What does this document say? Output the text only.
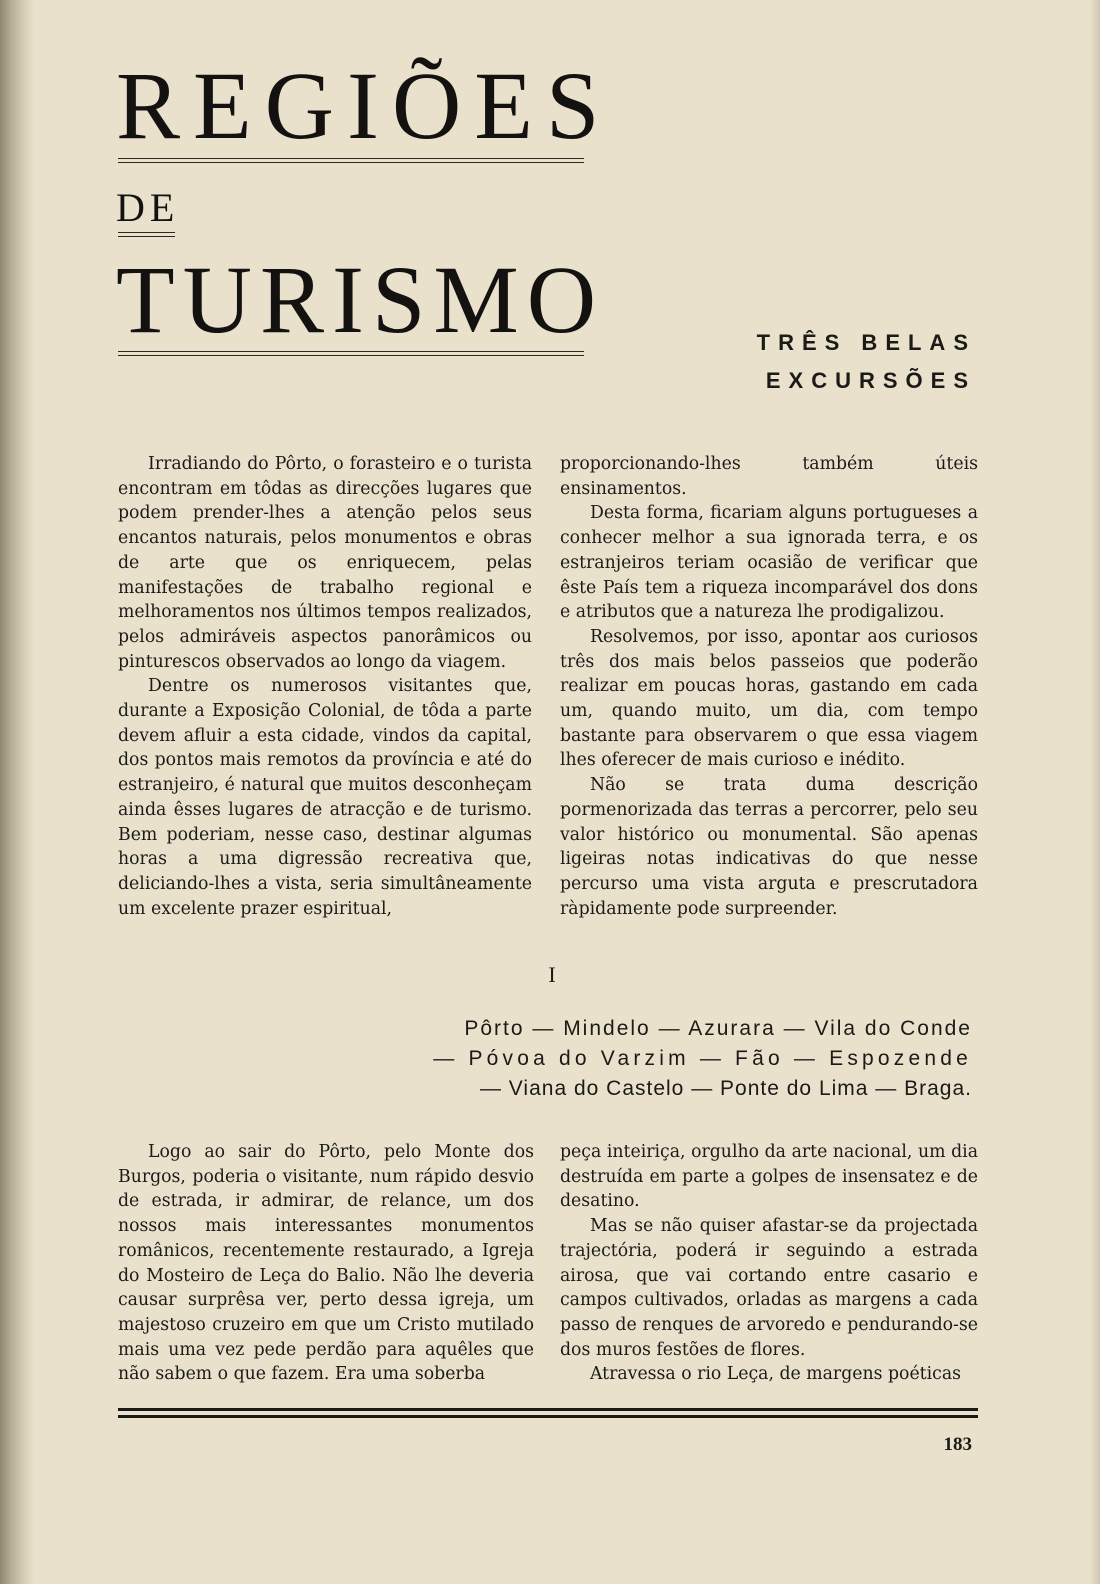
REGIÕES
DE
TURISMO	TRÊS BELAS
EXCURSÕES

Irradiando do Pôrto, o forasteiro e o turista encontram em tôdas as direcções lugares que podem prender-lhes a atenção pelos seus encantos naturais, pelos monumentos e obras de arte que os enriquecem, pelas manifestações de trabalho regional e melhoramentos nos últimos tempos realizados, pelos admiráveis aspectos panorâmicos ou pinturescos observados ao longo da viagem.

Dentre os numerosos visitantes que, durante a Exposição Colonial, de tôda a parte devem afluir a esta cidade, vindos da capital, dos pontos mais remotos da província e até do estranjeiro, é natural que muitos desconheçam ainda êsses lugares de atracção e de turismo. Bem poderiam, nesse caso, destinar algumas horas a uma digressão recreativa que, deliciando-lhes a vista, seria simultâneamente um excelente prazer espiritual,

proporcionando-lhes também úteis ensinamentos.

Desta forma, ficariam alguns portugueses a conhecer melhor a sua ignorada terra, e os estranjeiros teriam ocasião de verificar que êste País tem a riqueza incomparável dos dons e atributos que a natureza lhe prodigalizou.

Resolvemos, por isso, apontar aos curiosos três dos mais belos passeios que poderão realizar em poucas horas, gastando em cada um, quando muito, um dia, com tempo bastante para observarem o que essa viagem lhes oferecer de mais curioso e inédito.

Não se trata duma descrição pormenorizada das terras a percorrer, pelo seu valor histórico ou monumental. São apenas ligeiras notas indicativas do que nesse percurso uma vista arguta e prescrutadora ràpidamente pode surpreender.

I
Pôrto — Mindelo — Azurara — Vila do Conde
— Póvoa do Varzim — Fão — Espozende
— Viana do Castelo — Ponte do Lima — Braga.

Logo ao sair do Pôrto, pelo Monte dos Burgos, poderia o visitante, num rápido desvio de estrada, ir admirar, de relance, um dos nossos mais interessantes monumentos românicos, recentemente restaurado, a Igreja do Mosteiro de Leça do Balio. Não lhe deveria causar surprêsa ver, perto dessa igreja, um majestoso cruzeiro em que um Cristo mutilado mais uma vez pede perdão para aquêles que não sabem o que fazem. Era uma soberba

peça inteiriça, orgulho da arte nacional, um dia destruída em parte a golpes de insensatez e de desatino.

Mas se não quiser afastar-se da projectada trajectória, poderá ir seguindo a estrada airosa, que vai cortando entre casario e campos cultivados, orladas as margens a cada passo de renques de arvoredo e pendurando-se dos muros festões de flores.

Atravessa o rio Leça, de margens poéticas

183
